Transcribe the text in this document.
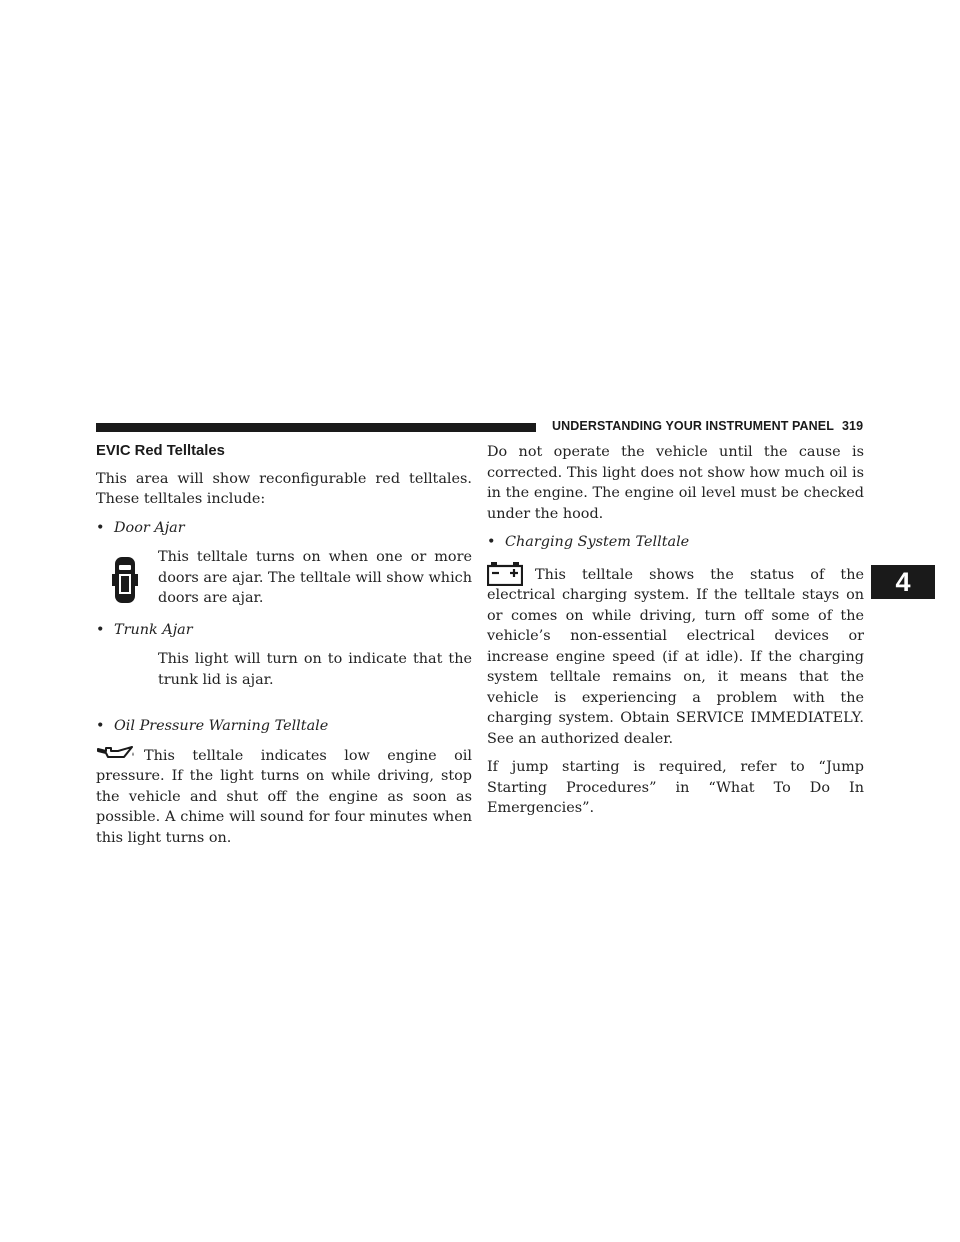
UNDERSTANDING YOUR INSTRUMENT PANEL 319
4
EVIC Red Telltales

This area will show reconfigurable red telltales. These telltales include:

• Door Ajar

This telltale turns on when one or more doors are ajar. The telltale will show which doors are ajar.

• Trunk Ajar

This light will turn on to indicate that the trunk lid is ajar.

• Oil Pressure Warning Telltale

This telltale indicates low engine oil pressure. If the light turns on while driving, stop the vehicle and shut off the engine as soon as possible. A chime will sound for four minutes when this light turns on.

Do not operate the vehicle until the cause is corrected. This light does not show how much oil is in the engine. The engine oil level must be checked under the hood.

• Charging System Telltale

This telltale shows the status of the electrical charging system. If the telltale stays on or comes on while driving, turn off some of the vehicle’s non-essential electrical devices or increase engine speed (if at idle). If the charging system telltale remains on, it means that the vehicle is experiencing a problem with the charging system. Obtain SERVICE IMMEDIATELY. See an authorized dealer.

If jump starting is required, refer to “Jump Starting Procedures” in “What To Do In Emergencies”.
